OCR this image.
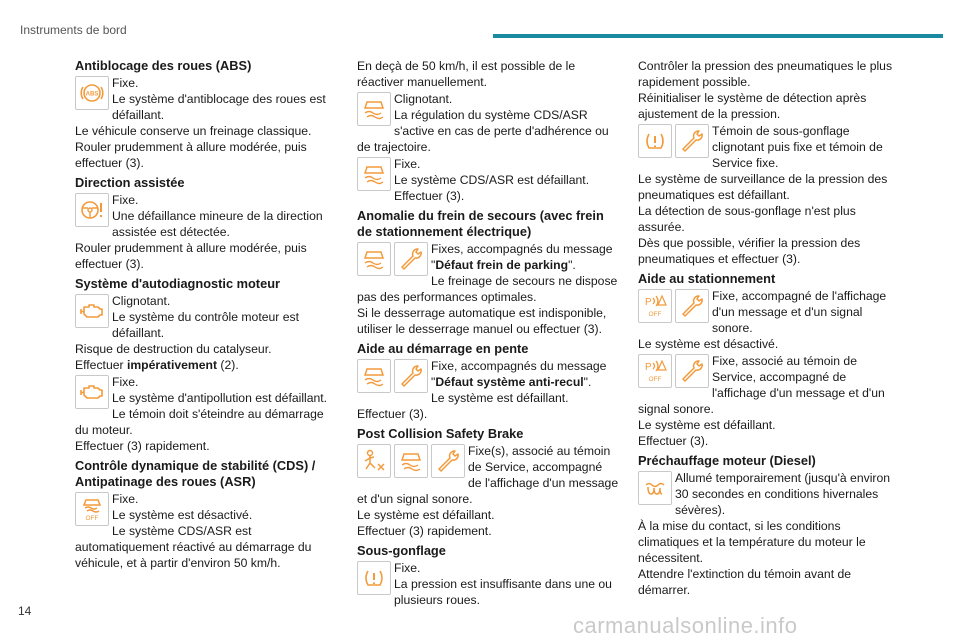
Instruments de bord
Antiblocage des roues (ABS)
ABS
Fixe.
Le système d'antiblocage des roues est défaillant.
Le véhicule conserve un freinage classique.
Rouler prudemment à allure modérée, puis effectuer (3).
Direction assistée
Fixe.
Une défaillance mineure de la direction assistée est détectée.
Rouler prudemment à allure modérée, puis effectuer (3).
Système d'autodiagnostic moteur
Clignotant.
Le système du contrôle moteur est défaillant.
Risque de destruction du catalyseur.
Effectuer impérativement (2).
Fixe.
Le système d'antipollution est défaillant.
Le témoin doit s'éteindre au démarrage du moteur.
Effectuer (3) rapidement.
Contrôle dynamique de stabilité (CDS) / Antipatinage des roues (ASR)
OFF
Fixe.
Le système est désactivé.
Le système CDS/ASR est automatiquement réactivé au démarrage du véhicule, et à partir d'environ 50 km/h.
En deçà de 50 km/h, il est possible de le réactiver manuellement.
Clignotant.
La régulation du système CDS/ASR s'active en cas de perte d'adhérence ou de trajectoire.
Fixe.
Le système CDS/ASR est défaillant.
Effectuer (3).
Anomalie du frein de secours (avec frein de stationnement électrique)
Fixes, accompagnés du message "Défaut frein de parking".
Le freinage de secours ne dispose pas des performances optimales.
Si le desserrage automatique est indisponible, utiliser le desserrage manuel ou effectuer (3).
Aide au démarrage en pente
Fixe, accompagnés du message "Défaut système anti-recul".
Le système est défaillant.
Effectuer (3).
Post Collision Safety Brake
Fixe(s), associé au témoin de Service, accompagné de l'affichage d'un message et d'un signal sonore.
Le système est défaillant.
Effectuer (3) rapidement.
Sous-gonflage
Fixe.
La pression est insuffisante dans une ou plusieurs roues.
Contrôler la pression des pneumatiques le plus rapidement possible.
Réinitialiser le système de détection après ajustement de la pression.
Témoin de sous-gonflage clignotant puis fixe et témoin de Service fixe.
Le système de surveillance de la pression des pneumatiques est défaillant.
La détection de sous-gonflage n'est plus assurée.
Dès que possible, vérifier la pression des pneumatiques et effectuer (3).
Aide au stationnement
P
OFF
Fixe, accompagné de l'affichage d'un message et d'un signal sonore.
Le système est désactivé.
P
OFF
Fixe, associé au témoin de Service, accompagné de l'affichage d'un message et d'un signal sonore.
Le système est défaillant.
Effectuer (3).
Préchauffage moteur (Diesel)
Allumé temporairement (jusqu'à environ 30 secondes en conditions hivernales sévères).
À la mise du contact, si les conditions climatiques et la température du moteur le nécessitent.
Attendre l'extinction du témoin avant de démarrer.
14
carmanualsonline.info
